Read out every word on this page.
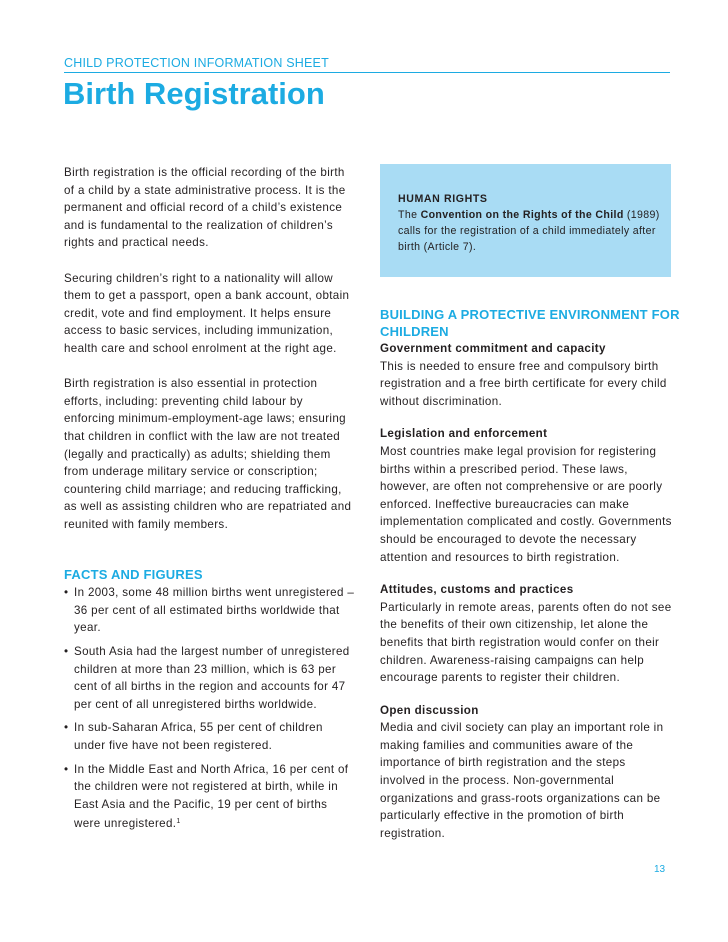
CHILD PROTECTION INFORMATION SHEET
Birth Registration

Birth registration is the official recording of the birth of a child by a state administrative process. It is the permanent and official record of a child’s existence and is fundamental to the realization of children’s rights and practical needs.

Securing children’s right to a nationality will allow them to get a passport, open a bank account, obtain credit, vote and find employment. It helps ensure access to basic services, including immunization, health care and school enrolment at the right age.

Birth registration is also essential in protection efforts, including: preventing child labour by enforcing minimum-employment-age laws; ensuring that children in conflict with the law are not treated (legally and practically) as adults; shielding them from underage military service or conscription; countering child marriage; and reducing trafficking, as well as assisting children who are repatriated and reunited with family members.

FACTS AND FIGURES
• In 2003, some 48 million births went unregistered – 36 per cent of all estimated births worldwide that year.
• South Asia had the largest number of unregistered children at more than 23 million, which is 63 per cent of all births in the region and accounts for 47 per cent of all unregistered births worldwide.
• In sub-Saharan Africa, 55 per cent of children under five have not been registered.
• In the Middle East and North Africa, 16 per cent of the children were not registered at birth, while in East Asia and the Pacific, 19 per cent of births were unregistered.$^1$
HUMAN RIGHTS
The Convention on the Rights of the Child (1989) calls for the registration of a child immediately after birth (Article 7).
BUILDING A PROTECTIVE ENVIRONMENT FOR CHILDREN
Government commitment and capacity
This is needed to ensure free and compulsory birth registration and a free birth certificate for every child without discrimination.
Legislation and enforcement
Most countries make legal provision for registering births within a prescribed period. These laws, however, are often not comprehensive or are poorly enforced. Ineffective bureaucracies can make implementation complicated and costly. Governments should be encouraged to devote the necessary attention and resources to birth registration.
Attitudes, customs and practices
Particularly in remote areas, parents often do not see the benefits of their own citizenship, let alone the benefits that birth registration would confer on their children. Awareness-raising campaigns can help encourage parents to register their children.
Open discussion
Media and civil society can play an important role in making families and communities aware of the importance of birth registration and the steps involved in the process. Non-governmental organizations and grass-roots organizations can be particularly effective in the promotion of birth registration.
13
